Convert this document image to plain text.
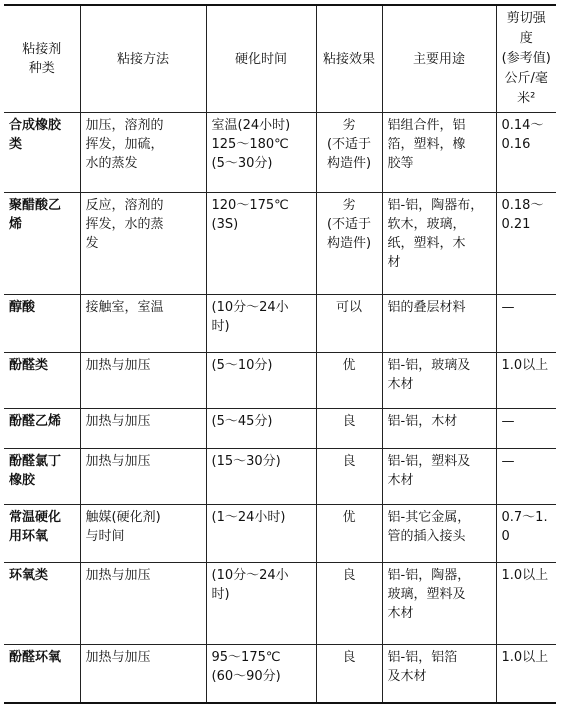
粘接剂
种类	粘接方法	硬化时间	粘接效果	主要用途	剪切强度
(参考值)
公斤/毫米²
合成橡胶
类	加压，溶剂的
挥发，加硫，
水的蒸发	室温(24小时)
125～180℃
(5～30分)	劣
(不适于
构造件)	铝组合件，铝
箔，塑料，橡
胶等	0.14～0.16
聚醋酸乙
烯	反应，溶剂的
挥发，水的蒸
发	120～175℃
(3S)	劣
(不适于
构造件)	铝-铝，陶器布，
软木，玻璃，
纸，塑料，木
材	0.18～0.21
醇酸	接触室，室温	(10分～24小
时)	可以	铝的叠层材料	—
酚醛类	加热与加压	(5～10分)	优	铝-铝，玻璃及
木材	1.0以上
酚醛乙烯	加热与加压	(5～45分)	良	铝-铝，木材	—
酚醛氯丁
橡胶	加热与加压	(15～30分)	良	铝-铝，塑料及
木材	—
常温硬化
用环氧	触媒(硬化剂)
与时间	(1～24小时)	优	铝-其它金属，
管的插入接头	0.7～1.0
环氧类	加热与加压	(10分～24小
时)	良	铝-铝，陶器，
玻璃，塑料及
木材	1.0以上
酚醛环氧	加热与加压	95～175℃
(60～90分)	良	铝-铝，铝箔
及木材	1.0以上
